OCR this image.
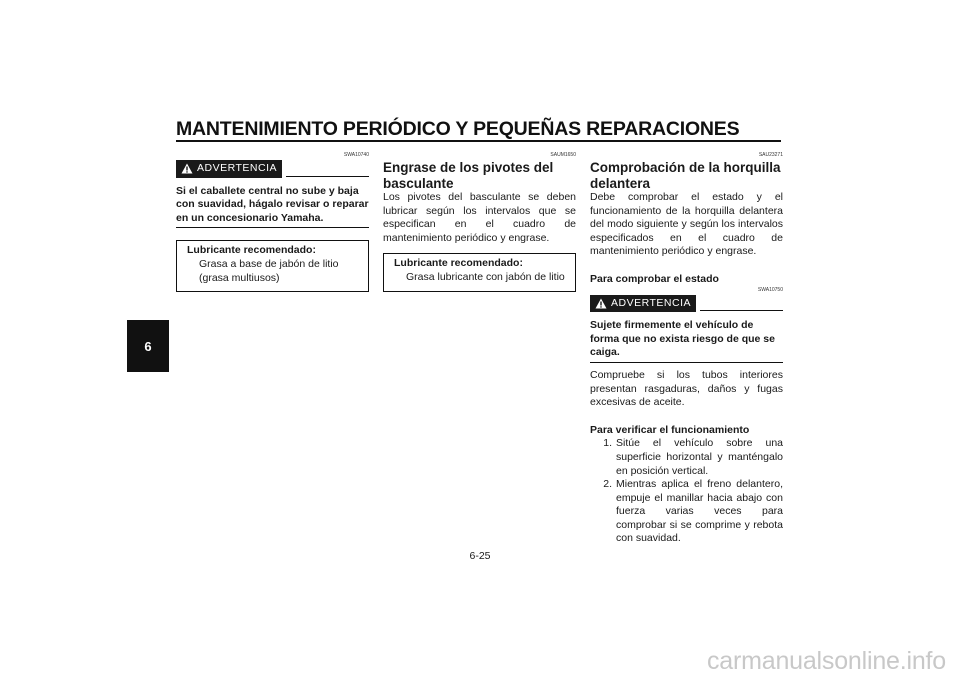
MANTENIMIENTO PERIÓDICO Y PEQUEÑAS REPARACIONES
6
SWA10740
ADVERTENCIA
Si el caballete central no sube y baja con suavidad, hágalo revisar o reparar en un concesionario Yamaha.
Lubricante recomendado:
Grasa a base de jabón de litio (grasa multiusos)
SAUM1650
Engrase de los pivotes del basculante

Los pivotes del basculante se deben lubricar según los intervalos que se especifican en el cuadro de mantenimiento periódico y engrase.

Lubricante recomendado:
Grasa lubricante con jabón de litio
SAU23271
Comprobación de la horquilla delantera

Debe comprobar el estado y el funcionamiento de la horquilla delantera del modo siguiente y según los intervalos especificados en el cuadro de mantenimiento periódico y engrase.

Para comprobar el estado
SWA10750
ADVERTENCIA
Sujete firmemente el vehículo de forma que no exista riesgo de que se caiga.

Compruebe si los tubos interiores presentan rasgaduras, daños y fugas excesivas de aceite.

Para verificar el funcionamiento
1. Sitúe el vehículo sobre una superficie horizontal y manténgalo en posición vertical.
2. Mientras aplica el freno delantero, empuje el manillar hacia abajo con fuerza varias veces para comprobar si se comprime y rebota con suavidad.
6-25
carmanualsonline.info
